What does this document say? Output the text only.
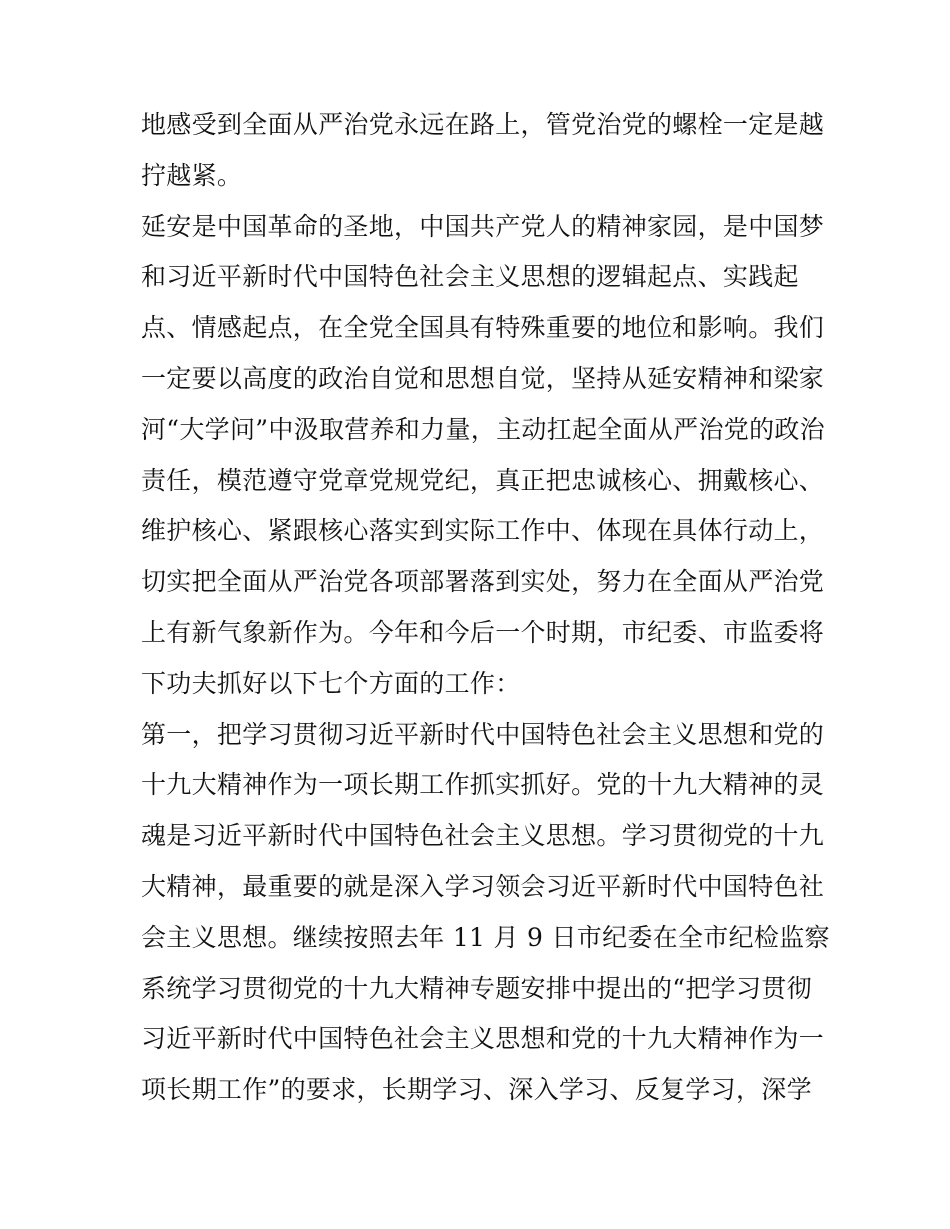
地感受到全面从严治党永远在路上，管党治党的螺栓一定是越
拧越紧。
延安是中国革命的圣地，中国共产党人的精神家园，是中国梦
和习近平新时代中国特色社会主义思想的逻辑起点、实践起
点、情感起点，在全党全国具有特殊重要的地位和影响。我们
一定要以高度的政治自觉和思想自觉，坚持从延安精神和梁家
河“大学问”中汲取营养和力量，主动扛起全面从严治党的政治
责任，模范遵守党章党规党纪，真正把忠诚核心、拥戴核心、
维护核心、紧跟核心落实到实际工作中、体现在具体行动上，
切实把全面从严治党各项部署落到实处，努力在全面从严治党
上有新气象新作为。今年和今后一个时期，市纪委、市监委将
下功夫抓好以下七个方面的工作：
第一，把学习贯彻习近平新时代中国特色社会主义思想和党的
十九大精神作为一项长期工作抓实抓好。党的十九大精神的灵
魂是习近平新时代中国特色社会主义思想。学习贯彻党的十九
大精神，最重要的就是深入学习领会习近平新时代中国特色社
会主义思想。继续按照去年 11 月 9 日市纪委在全市纪检监察
系统学习贯彻党的十九大精神专题安排中提出的“把学习贯彻
习近平新时代中国特色社会主义思想和党的十九大精神作为一
项长期工作”的要求，长期学习、深入学习、反复学习，深学
